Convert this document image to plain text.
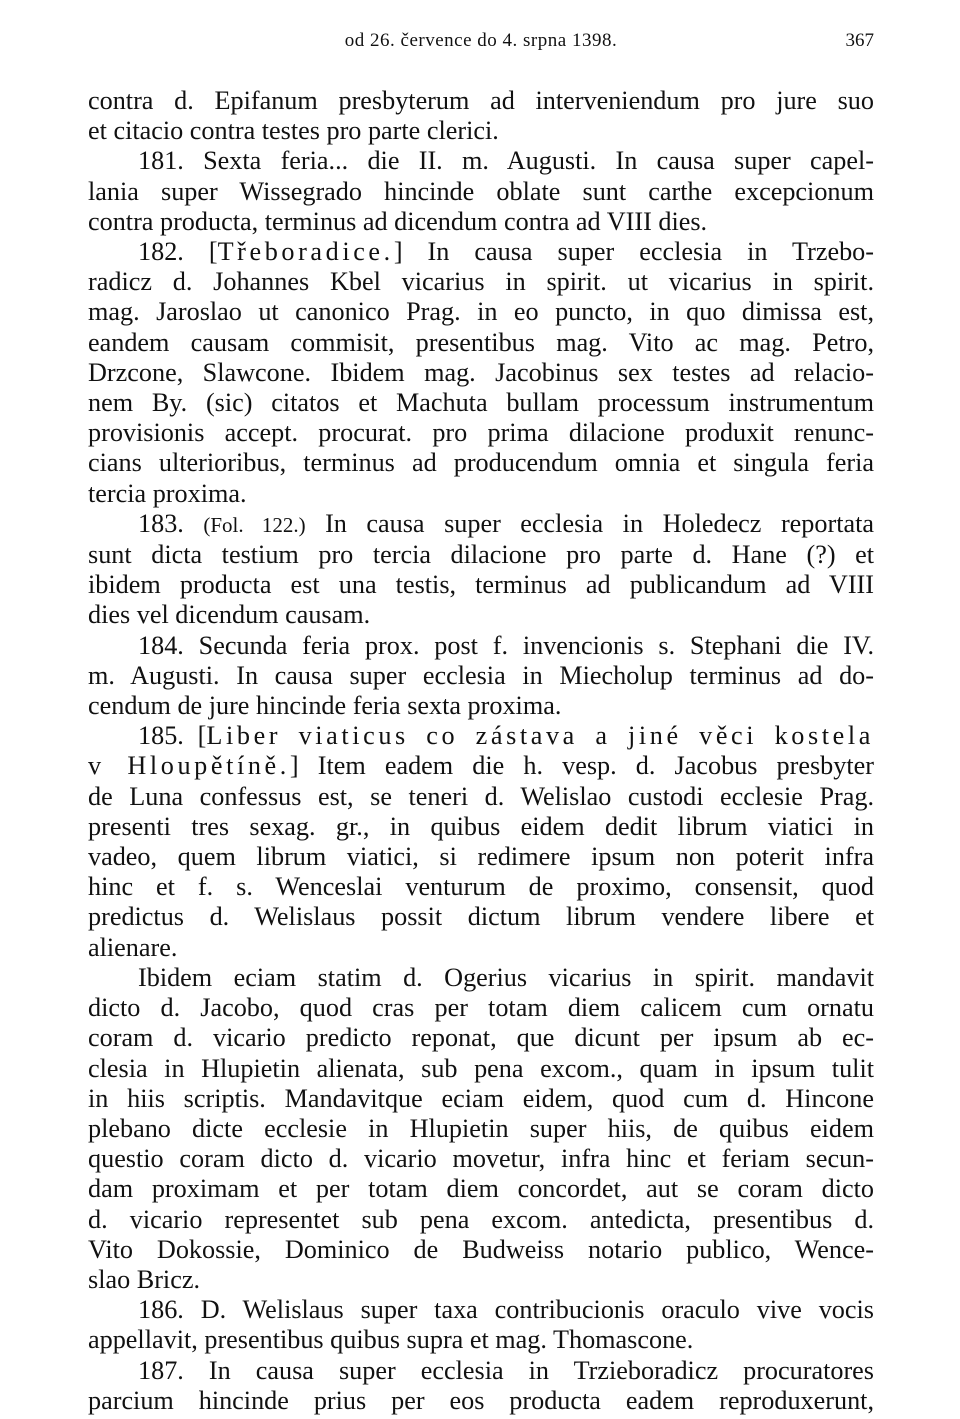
od 26. července do 4. srpna 1398.	367
contra d. Epifanum presbyterum ad interveniendum pro jure suo
et citacio contra testes pro parte clerici.
181. Sexta feria... die II. m. Augusti. In causa super capel-
lania super Wissegrado hincinde oblate sunt carthe excepcionum
contra producta, terminus ad dicendum contra ad VIII dies.
182. [Třeboradice.] In causa super ecclesia in Trzebo-
radicz d. Johannes Kbel vicarius in spirit. ut vicarius in spirit.
mag. Jaroslao ut canonico Prag. in eo puncto, in quo dimissa est,
eandem causam commisit, presentibus mag. Vito ac mag. Petro,
Drzcone, Slawcone. Ibidem mag. Jacobinus sex testes ad relacio-
nem By. (sic) citatos et Machuta bullam processum instrumentum
provisionis accept. procurat. pro prima dilacione produxit renunc-
cians ulterioribus, terminus ad producendum omnia et singula feria
tercia proxima.
183. (Fol. 122.) In causa super ecclesia in Holedecz reportata
sunt dicta testium pro tercia dilacione pro parte d. Hane (?) et
ibidem producta est una testis, terminus ad publicandum ad VIII
dies vel dicendum causam.
184. Secunda feria prox. post f. invencionis s. Stephani die IV.
m. Augusti. In causa super ecclesia in Miecholup terminus ad do-
cendum de jure hincinde feria sexta proxima.
185. [Liber viaticus co zástava a jiné věci kostela
v Hloupětíně.] Item eadem die h. vesp. d. Jacobus presbyter
de Luna confessus est, se teneri d. Welislao custodi ecclesie Prag.
presenti tres sexag. gr., in quibus eidem dedit librum viatici in
vadeo, quem librum viatici, si redimere ipsum non poterit infra
hinc et f. s. Wenceslai venturum de proximo, consensit, quod
predictus d. Welislaus possit dictum librum vendere libere et
alienare.
Ibidem eciam statim d. Ogerius vicarius in spirit. mandavit
dicto d. Jacobo, quod cras per totam diem calicem cum ornatu
coram d. vicario predicto reponat, que dicunt per ipsum ab ec-
clesia in Hlupietin alienata, sub pena excom., quam in ipsum tulit
in hiis scriptis. Mandavitque eciam eidem, quod cum d. Hincone
plebano dicte ecclesie in Hlupietin super hiis, de quibus eidem
questio coram dicto d. vicario movetur, infra hinc et feriam secun-
dam proximam et per totam diem concordet, aut se coram dicto
d. vicario representet sub pena excom. antedicta, presentibus d.
Vito Dokossie, Dominico de Budweiss notario publico, Wence-
slao Bricz.
186. D. Welislaus super taxa contribucionis oraculo vive vocis
appellavit, presentibus quibus supra et mag. Thomascone.
187. In causa super ecclesia in Trzieboradicz procuratores
parcium hincinde prius per eos producta eadem reproduxerunt,
